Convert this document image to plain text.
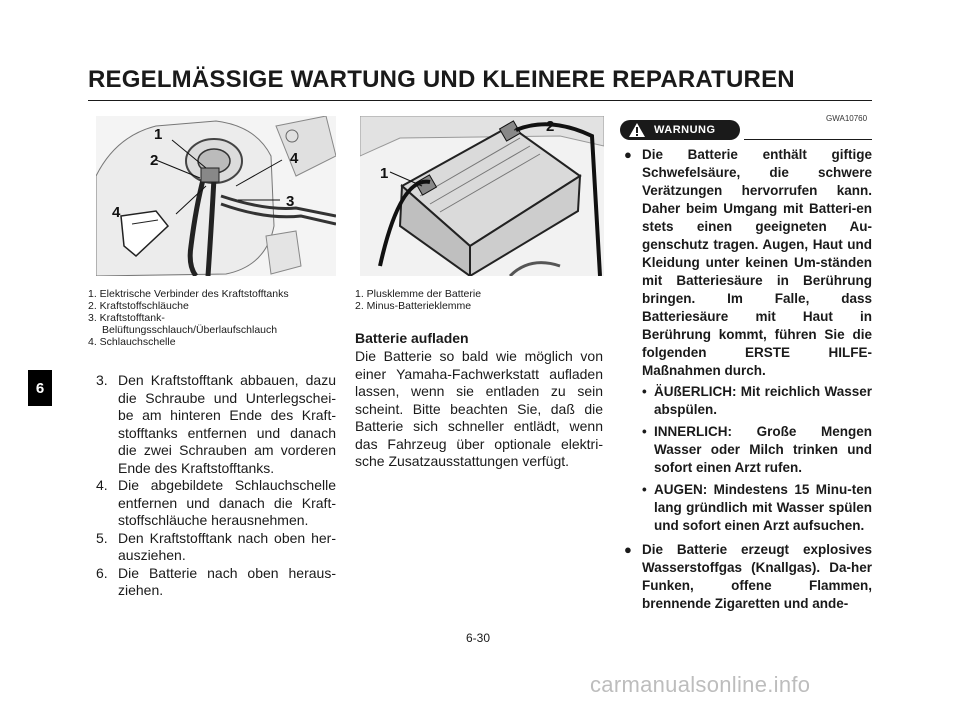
REGELMÄSSIGE WARTUNG UND KLEINERE REPARATUREN
6
1
2
4
4
3
1. Elektrische Verbinder des Kraftstofftanks
2. Kraftstoffschläuche
3. Kraftstofftank-
Belüftungsschlauch/Überlaufschlauch
4. Schlauchschelle
3. Den Kraftstofftank abbauen, dazu die Schraube und Unterlegschei-be am hinteren Ende des Kraft-stofftanks entfernen und danach die zwei Schrauben am vorderen Ende des Kraftstofftanks.
4. Die abgebildete Schlauchschelle entfernen und danach die Kraft-stoffschläuche herausnehmen.
5. Den Kraftstofftank nach oben her-ausziehen.
6. Die Batterie nach oben heraus-ziehen.
2
1
1. Plusklemme der Batterie
2. Minus-Batterieklemme
Batterie aufladen
Die Batterie so bald wie möglich von einer Yamaha-Fachwerkstatt aufladen lassen, wenn sie entladen zu sein scheint. Bitte beachten Sie, daß die Batterie sich schneller entlädt, wenn das Fahrzeug über optionale elektri-sche Zusatzausstattungen verfügt.
GWA10760
WARNUNG
● Die Batterie enthält giftige Schwefelsäure, die schwere Verätzungen hervorrufen kann. Daher beim Umgang mit Batteri-en stets einen geeigneten Au-genschutz tragen. Augen, Haut und Kleidung unter keinen Um-ständen mit Batteriesäure in Berührung bringen. Im Falle, dass Batteriesäure mit Haut in Berührung kommt, führen Sie die folgenden ERSTE HILFE-Maßnahmen durch.
• ÄUßERLICH: Mit reichlich Wasser abspülen.
• INNERLICH: Große Mengen Wasser oder Milch trinken und sofort einen Arzt rufen.
• AUGEN: Mindestens 15 Minu-ten lang gründlich mit Wasser spülen und sofort einen Arzt aufsuchen.
● Die Batterie erzeugt explosives Wasserstoffgas (Knallgas). Da-her Funken, offene Flammen, brennende Zigaretten und ande-
6-30
carmanualsonline.info
